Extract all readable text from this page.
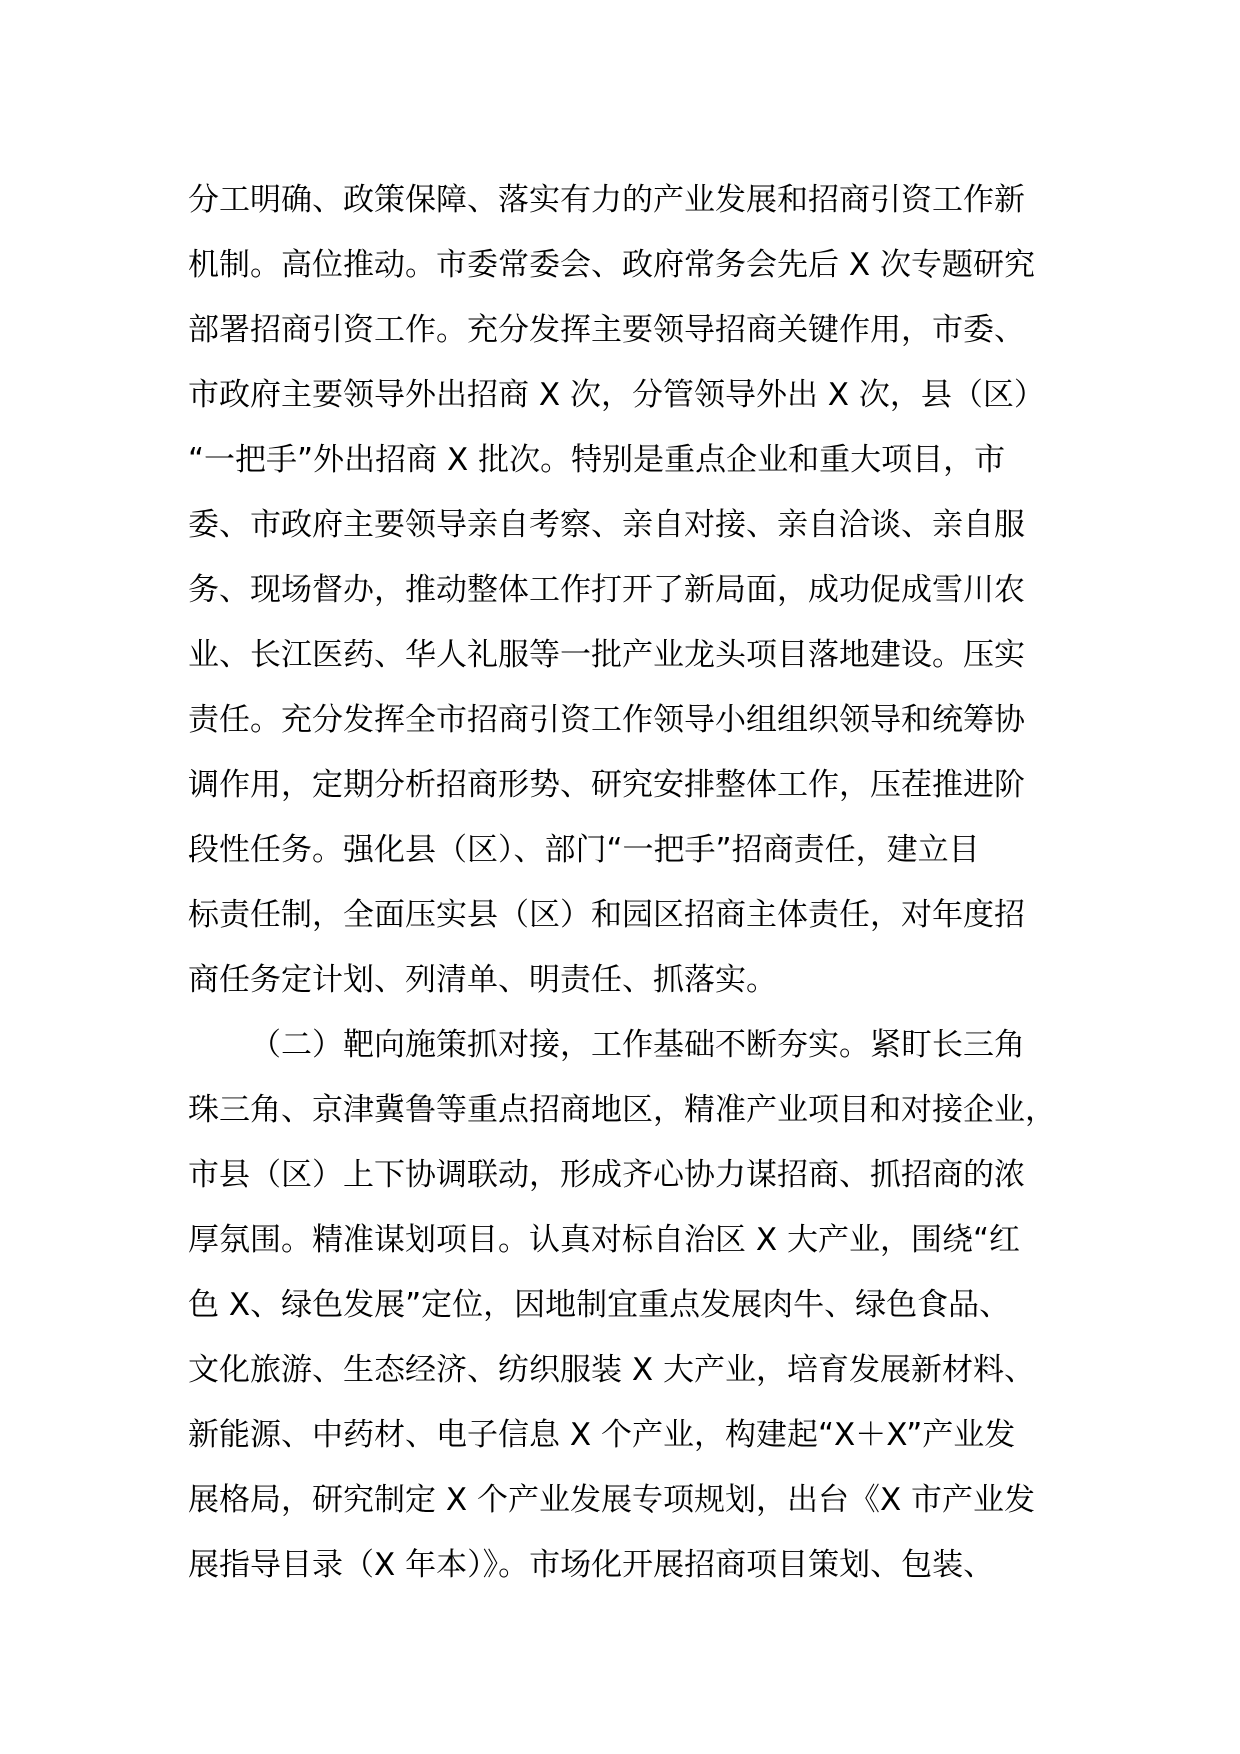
分工明确、政策保障、落实有力的产业发展和招商引资工作新
机制。高位推动。市委常委会、政府常务会先后 X 次专题研究
部署招商引资工作。充分发挥主要领导招商关键作用，市委、
市政府主要领导外出招商 X 次，分管领导外出 X 次，县（区）
“一把手”外出招商 X 批次。特别是重点企业和重大项目，市
委、市政府主要领导亲自考察、亲自对接、亲自洽谈、亲自服
务、现场督办，推动整体工作打开了新局面，成功促成雪川农
业、长江医药、华人礼服等一批产业龙头项目落地建设。压实
责任。充分发挥全市招商引资工作领导小组组织领导和统筹协
调作用，定期分析招商形势、研究安排整体工作，压茬推进阶
段性任务。强化县（区）、部门“一把手”招商责任，建立目
标责任制，全面压实县（区）和园区招商主体责任，对年度招
商任务定计划、列清单、明责任、抓落实。
（二）靶向施策抓对接，工作基础不断夯实。紧盯长三角
珠三角、京津冀鲁等重点招商地区，精准产业项目和对接企业，
市县（区）上下协调联动，形成齐心协力谋招商、抓招商的浓
厚氛围。精准谋划项目。认真对标自治区 X 大产业，围绕“红
色 X、绿色发展”定位，因地制宜重点发展肉牛、绿色食品、
文化旅游、生态经济、纺织服装 X 大产业，培育发展新材料、
新能源、中药材、电子信息 X 个产业，构建起“X＋X”产业发
展格局，研究制定 X 个产业发展专项规划，出台《X 市产业发
展指导目录（X 年本）》。市场化开展招商项目策划、包装、
